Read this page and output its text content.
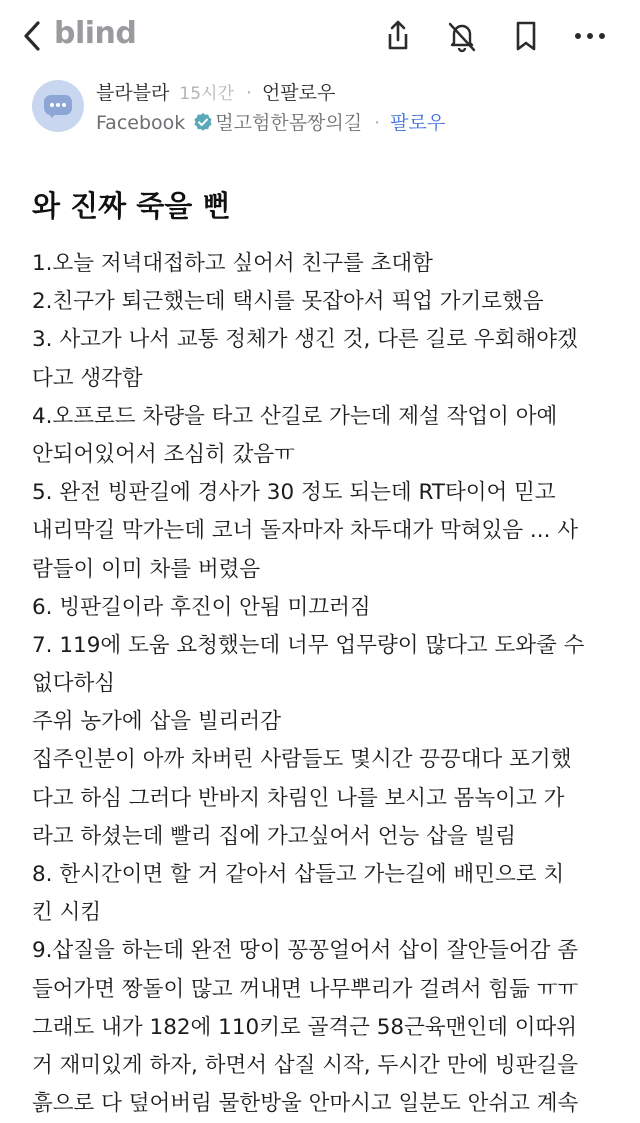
blind
블라블라 15시간 · 언팔로우
Facebook 멀고험한몸짱의길 · 팔로우
와 진짜 죽을 뻔
1.오늘 저녁대접하고 싶어서 친구를 초대함
2.친구가 퇴근했는데 택시를 못잡아서 픽업 가기로했음
3. 사고가 나서 교통 정체가 생긴 것, 다른 길로 우회해야겠
다고 생각함
4.오프로드 차량을 타고 산길로 가는데 제설 작업이 아예
안되어있어서 조심히 갔음ㅠ
5. 완전 빙판길에 경사가 30 정도 되는데 RT타이어 믿고
내리막길 막가는데 코너 돌자마자 차두대가 막혀있음 ... 사
람들이 이미 차를 버렸음
6. 빙판길이라 후진이 안됨 미끄러짐
7. 119에 도움 요청했는데 너무 업무량이 많다고 도와줄 수
없다하심
주위 농가에 삽을 빌리러감
집주인분이 아까 차버린 사람들도 몇시간 끙끙대다 포기했
다고 하심 그러다 반바지 차림인 나를 보시고 몸녹이고 가
라고 하셨는데 빨리 집에 가고싶어서 언능 삽을 빌림
8. 한시간이면 할 거 같아서 삽들고 가는길에 배민으로 치
킨 시킴
9.삽질을 하는데 완전 땅이 꽁꽁얼어서 삽이 잘안들어감 좀
들어가면 짱돌이 많고 꺼내면 나무뿌리가 걸려서 힘듦 ㅠㅠ
그래도 내가 182에 110키로 골격근 58근육맨인데 이따위
거 재미있게 하자, 하면서 삽질 시작, 두시간 만에 빙판길을
흙으로 다 덮어버림 물한방울 안마시고 일분도 안쉬고 계속
